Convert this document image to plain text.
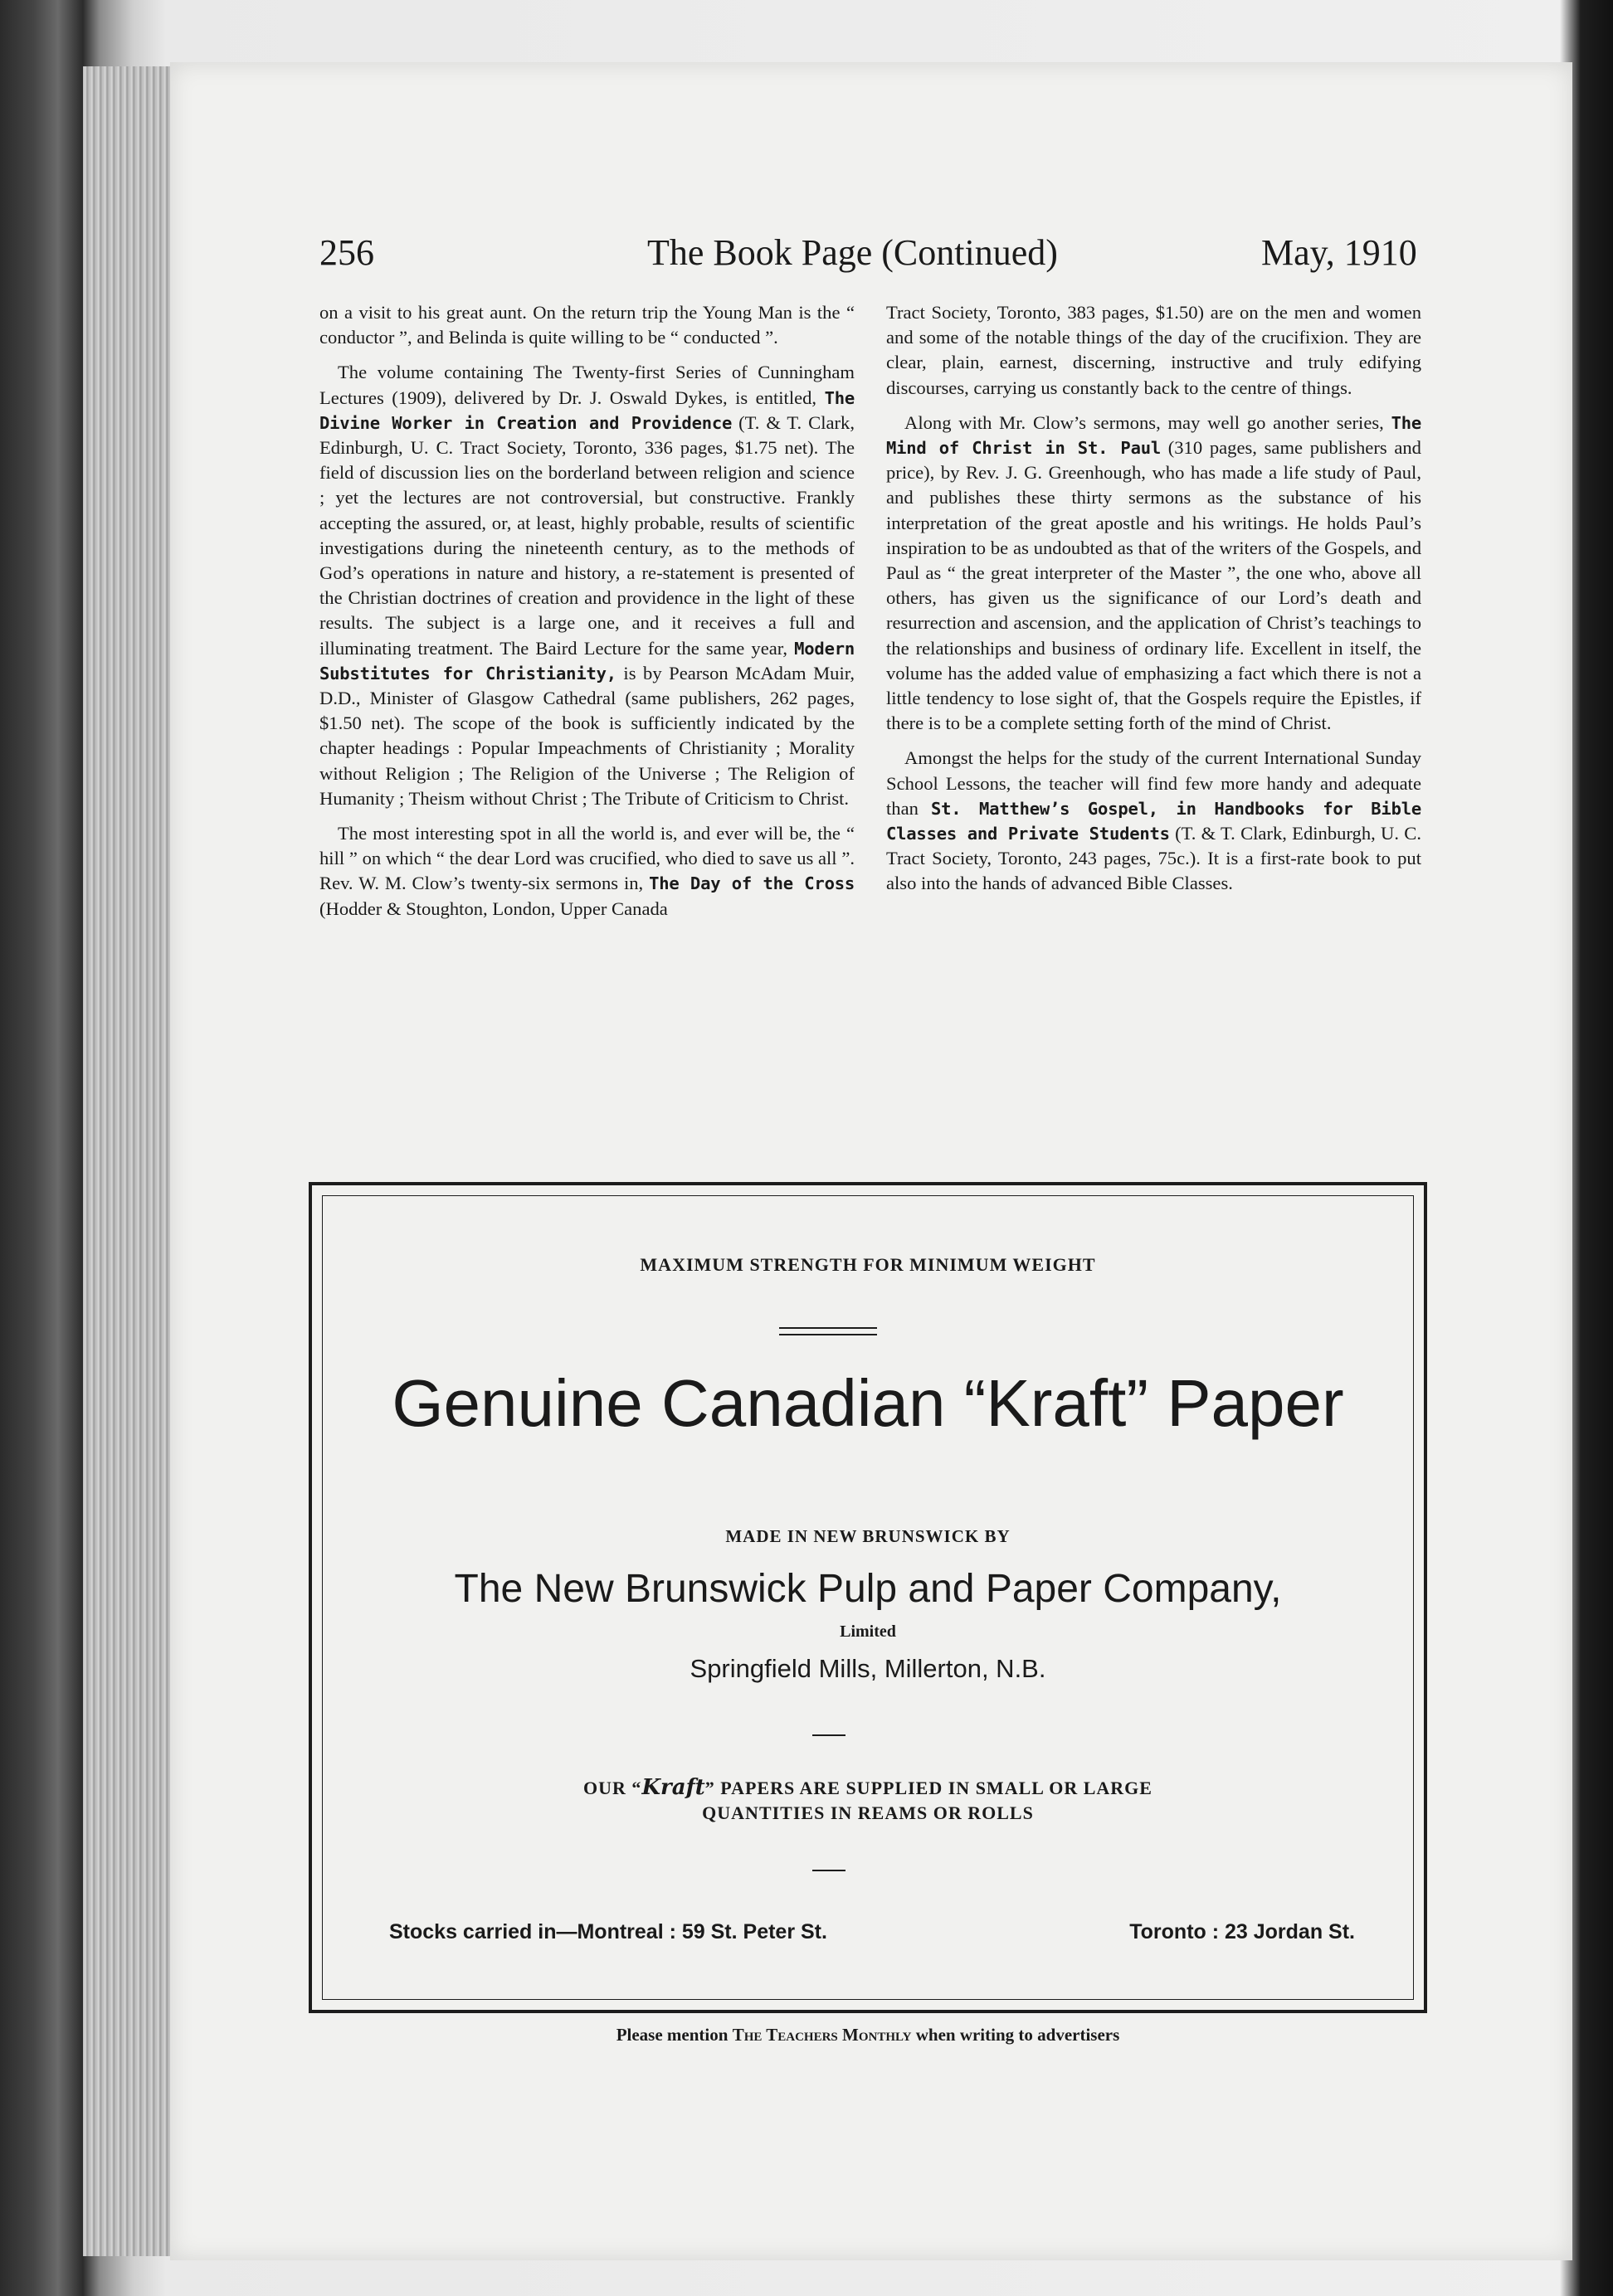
256	The Book Page (Continued)	May, 1910

on a visit to his great aunt. On the return trip the Young Man is the “ conductor ”, and Belinda is quite willing to be “ conducted ”.

The volume containing The Twenty-first Series of Cunningham Lectures (1909), delivered by Dr. J. Oswald Dykes, is entitled, The Divine Worker in Creation and Providence (T. & T. Clark, Edinburgh, U. C. Tract Society, Toronto, 336 pages, $1.75 net). The field of discussion lies on the borderland between religion and science ; yet the lectures are not controversial, but constructive. Frankly accepting the assured, or, at least, highly probable, results of scientific investigations during the nineteenth century, as to the methods of God’s operations in nature and history, a re-statement is presented of the Christian doctrines of creation and providence in the light of these results. The subject is a large one, and it receives a full and illuminating treatment. The Baird Lecture for the same year, Modern Substitutes for Christianity, is by Pearson McAdam Muir, D.D., Minister of Glasgow Cathedral (same publishers, 262 pages, $1.50 net). The scope of the book is sufficiently indicated by the chapter headings : Popular Impeachments of Christianity ; Morality without Religion ; The Religion of the Universe ; The Religion of Humanity ; Theism without Christ ; The Tribute of Criticism to Christ.

The most interesting spot in all the world is, and ever will be, the “ hill ” on which “ the dear Lord was crucified, who died to save us all ”. Rev. W. M. Clow’s twenty-six sermons in, The Day of the Cross (Hodder & Stoughton, London, Upper Canada

Tract Society, Toronto, 383 pages, $1.50) are on the men and women and some of the notable things of the day of the crucifixion. They are clear, plain, earnest, discerning, instructive and truly edifying discourses, carrying us constantly back to the centre of things.

Along with Mr. Clow’s sermons, may well go another series, The Mind of Christ in St. Paul (310 pages, same publishers and price), by Rev. J. G. Greenhough, who has made a life study of Paul, and publishes these thirty sermons as the substance of his interpretation of the great apostle and his writings. He holds Paul’s inspiration to be as undoubted as that of the writers of the Gospels, and Paul as “ the great interpreter of the Master ”, the one who, above all others, has given us the significance of our Lord’s death and resurrection and ascension, and the application of Christ’s teachings to the relationships and business of ordinary life. Excellent in itself, the volume has the added value of emphasizing a fact which there is not a little tendency to lose sight of, that the Gospels require the Epistles, if there is to be a complete setting forth of the mind of Christ.

Amongst the helps for the study of the current International Sunday School Lessons, the teacher will find few more handy and adequate than St. Matthew’s Gospel, in Handbooks for Bible Classes and Private Students (T. & T. Clark, Edinburgh, U. C. Tract Society, Toronto, 243 pages, 75c.). It is a first-rate book to put also into the hands of advanced Bible Classes.

MAXIMUM STRENGTH FOR MINIMUM WEIGHT
Genuine Canadian “Kraft” Paper
MADE IN NEW BRUNSWICK BY
The New Brunswick Pulp and Paper Company,
Limited
Springfield Mills, Millerton, N.B.
OUR “Kraft” PAPERS ARE SUPPLIED IN SMALL OR LARGE
QUANTITIES IN REAMS OR ROLLS
Stocks carried in—Montreal : 59 St. Peter St.	Toronto : 23 Jordan St.
Please mention The Teachers Monthly when writing to advertisers
